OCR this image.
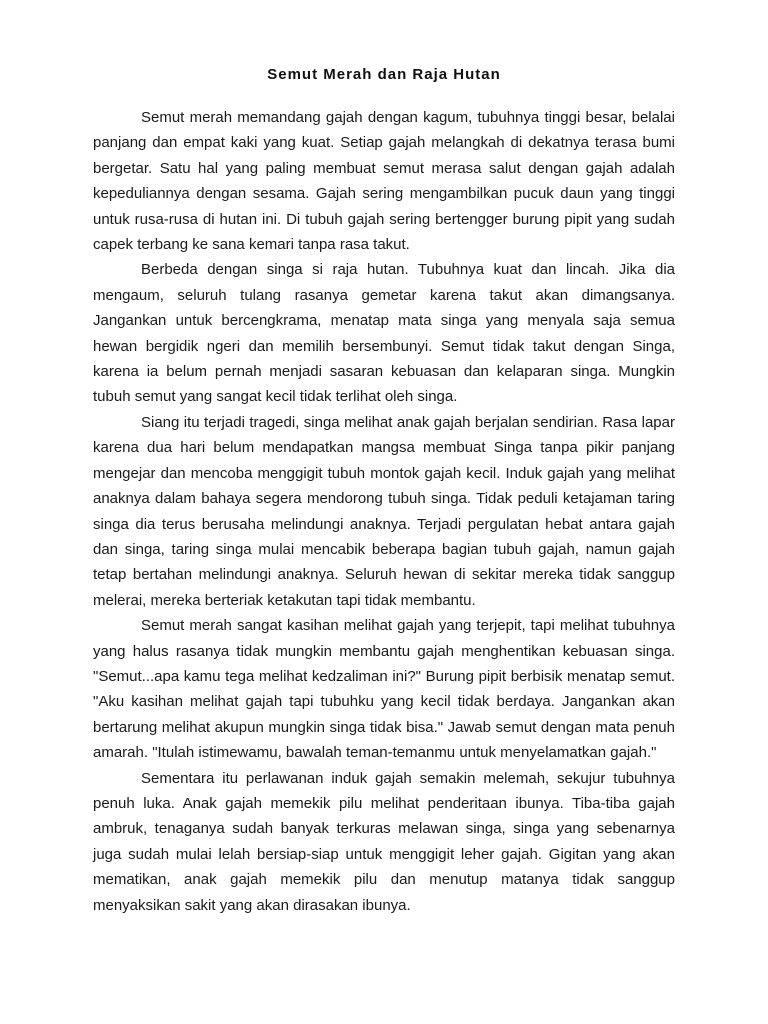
Semut Merah dan Raja Hutan

Semut merah memandang gajah dengan kagum, tubuhnya tinggi besar, belalai panjang dan empat kaki yang kuat. Setiap gajah melangkah di dekatnya terasa bumi bergetar. Satu hal yang paling membuat semut merasa salut dengan gajah adalah kepeduliannya dengan sesama. Gajah sering mengambilkan pucuk daun yang tinggi untuk rusa-rusa di hutan ini. Di tubuh gajah sering bertengger burung pipit yang sudah capek terbang ke sana kemari tanpa rasa takut.

Berbeda dengan singa si raja hutan. Tubuhnya kuat dan lincah. Jika dia mengaum, seluruh tulang rasanya gemetar karena takut akan dimangsanya. Jangankan untuk bercengkrama, menatap mata singa yang menyala saja semua hewan bergidik ngeri dan memilih bersembunyi. Semut tidak takut dengan Singa, karena ia belum pernah menjadi sasaran kebuasan dan kelaparan singa. Mungkin tubuh semut yang sangat kecil tidak terlihat oleh singa.

Siang itu terjadi tragedi, singa melihat anak gajah berjalan sendirian. Rasa lapar karena dua hari belum mendapatkan mangsa membuat Singa tanpa pikir panjang mengejar dan mencoba menggigit tubuh montok gajah kecil. Induk gajah yang melihat anaknya dalam bahaya segera mendorong tubuh singa. Tidak peduli ketajaman taring singa dia terus berusaha melindungi anaknya. Terjadi pergulatan hebat antara gajah dan singa, taring singa mulai mencabik beberapa bagian tubuh gajah, namun gajah tetap bertahan melindungi anaknya. Seluruh hewan di sekitar mereka tidak sanggup melerai, mereka berteriak ketakutan tapi tidak membantu.

Semut merah sangat kasihan melihat gajah yang terjepit, tapi melihat tubuhnya yang halus rasanya tidak mungkin membantu gajah menghentikan kebuasan singa. "Semut...apa kamu tega melihat kedzaliman ini?" Burung pipit berbisik menatap semut. "Aku kasihan melihat gajah tapi tubuhku yang kecil tidak berdaya. Jangankan akan bertarung melihat akupun mungkin singa tidak bisa." Jawab semut dengan mata penuh amarah. "Itulah istimewamu, bawalah teman-temanmu untuk menyelamatkan gajah."

Sementara itu perlawanan induk gajah semakin melemah, sekujur tubuhnya penuh luka. Anak gajah memekik pilu melihat penderitaan ibunya. Tiba-tiba gajah ambruk, tenaganya sudah banyak terkuras melawan singa, singa yang sebenarnya juga sudah mulai lelah bersiap-siap untuk menggigit leher gajah. Gigitan yang akan mematikan, anak gajah memekik pilu dan menutup matanya tidak sanggup menyaksikan sakit yang akan dirasakan ibunya.
